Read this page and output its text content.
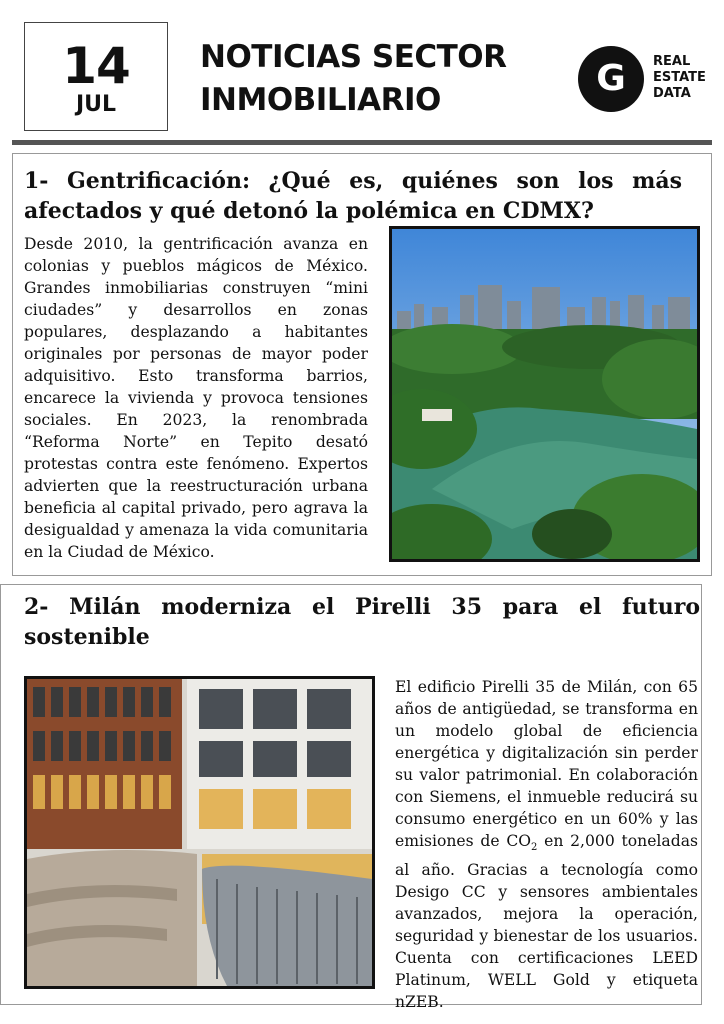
14
JUL
NOTICIAS SECTOR
INMOBILIARIO
G	REAL
ESTATE
DATA
1- Gentrificación: ¿Qué es, quiénes son los más afectados y qué detonó la polémica en CDMX?
Desde 2010, la gentrificación avanza en colonias y pueblos mágicos de México. Grandes inmobiliarias construyen “mini ciudades” y desarrollos en zonas populares, desplazando a habitantes originales por personas de mayor poder adquisitivo. Esto transforma barrios, encarece la vivienda y provoca tensiones sociales. En 2023, la renombrada “Reforma Norte” en Tepito desató protestas contra este fenómeno. Expertos advierten que la reestructuración urbana beneficia al capital privado, pero agrava la desigualdad y amenaza la vida comunitaria en la Ciudad de México.
2- Milán moderniza el Pirelli 35 para el futuro sostenible
El edificio Pirelli 35 de Milán, con 65 años de antigüedad, se transforma en un modelo global de eficiencia energética y digitalización sin perder su valor patrimonial. En colaboración con Siemens, el inmueble reducirá su consumo energético en un 60% y las emisiones de $CO_2$ en 2,000 toneladas al año. Gracias a tecnología como Desigo CC y sensores ambientales avanzados, mejora la operación, seguridad y bienestar de los usuarios. Cuenta con certificaciones LEED Platinum, WELL Gold y etiqueta nZEB.
